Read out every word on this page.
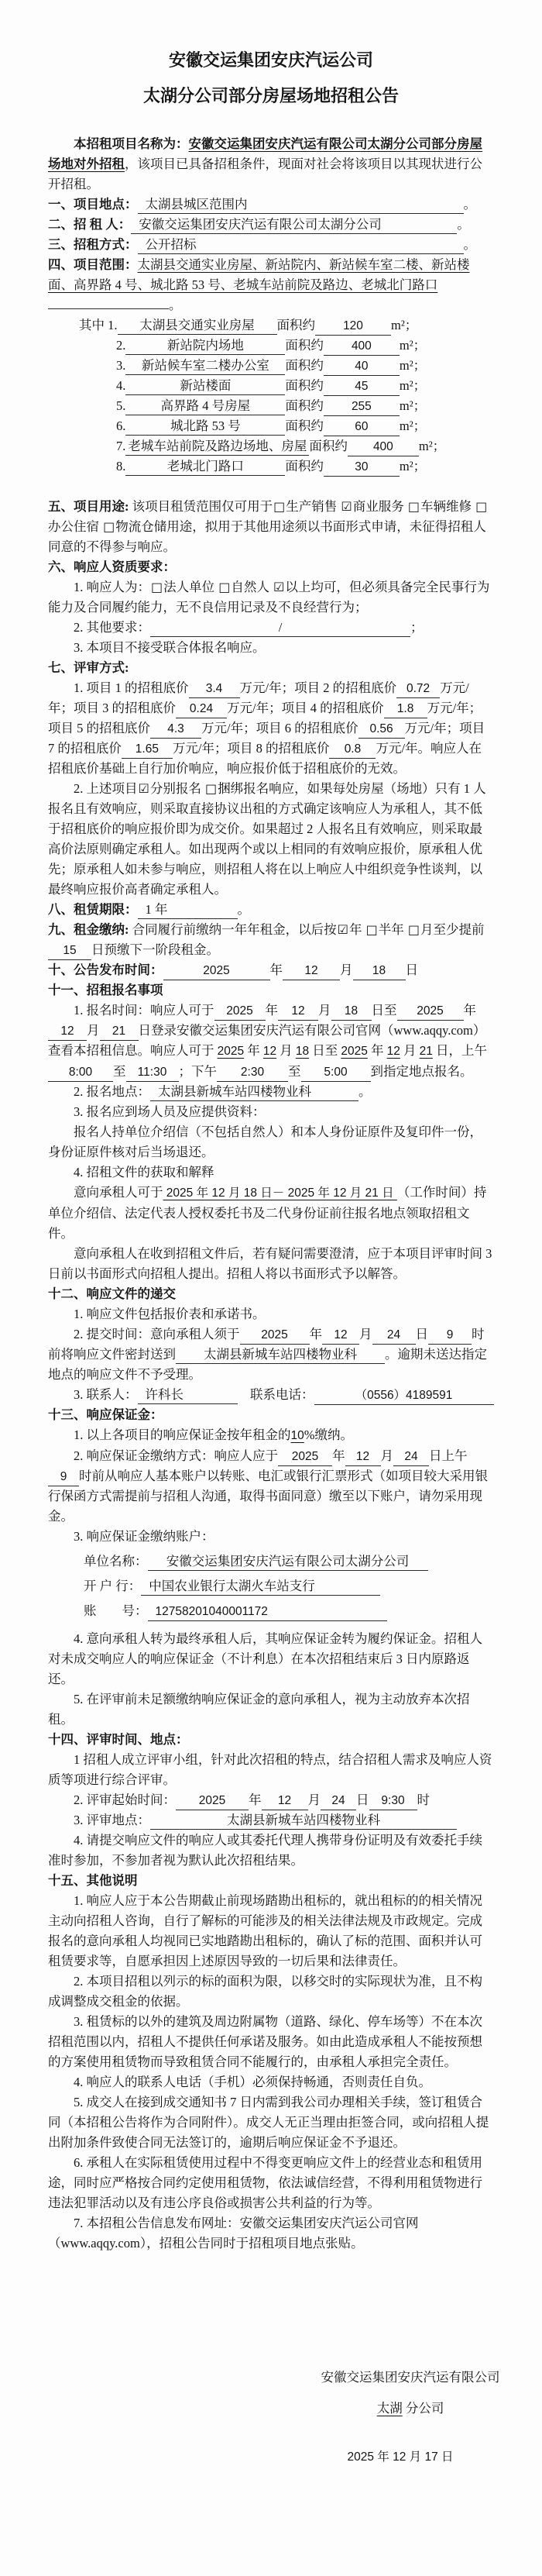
安徽交运集团安庆汽运公司
太湖分公司部分房屋场地招租公告
本招租项目名称为：安徽交运集团安庆汽运有限公司太湖分公司部分房屋场地对外招租，该项目已具备招租条件，现面对社会将该项目以其现状进行公开招租。
一、项目地点： 太湖县城区范围内	。
二、招 租 人： 安徽交运集团安庆汽运有限公司太湖分公司	。
三、招租方式： 公开招标	。
四、项目范围：太湖县交通实业房屋、新站院内、新站候车室二楼、新站楼面、高界路 4 号、城北路 53 号、老城车站前院及路边、老城北门路口。
其中 1. 太湖县交通实业房屋 面积约 120 m²；
2.	新站院内场地	面积约 400 m²；
3. 新站候车室二楼办公室 面积约	40 m²；
4.	新站楼面	面积约	45 m²；
5.	高界路 4 号房屋	面积约 255 m²；
6.	城北路 53 号	面积约	60 m²；
7. 老城车站前院及路边场地、房屋 面积约 400 m²；
8.	老城北门路口	面积约	30 m²；
五、项目用途: 该项目租赁范围仅可用于□生产销售 ☑商业服务 □车辆维修 □办公住宿 □物流仓储用途，拟用于其他用途须以书面形式申请，未征得招租人同意的不得参与响应。
六、响应人资质要求：
1. 响应人为：□法人单位 □自然人 ☑以上均可，但必须具备完全民事行为能力及合同履约能力，无不良信用记录及不良经营行为；
2. 其他要求：	/	；
3. 本项目不接受联合体报名响应。
七、评审方式:
1. 项目 1 的招租底价 3.4 万元/年；项目 2 的招租底价 0.72 万元/年；项目 3 的招租底价 0.24 万元/年；项目 4 的招租底价 1.8 万元/年；项目 5 的招租底价 4.3 万元/年；项目 6 的招租底价 0.56 万元/年；项目 7 的招租底价 1.65 万元/年；项目 8 的招租底价 0.8 万元/年。响应人在招租底价基础上自行加价响应，响应报价低于招租底价的无效。
2. 上述项目☑分别报名 □捆绑报名响应，如果每处房屋（场地）只有 1 人报名且有效响应，则采取直接协议出租的方式确定该响应人为承租人，其不低于招租底价的响应报价即为成交价。如果超过 2 人报名且有效响应，则采取最高价法原则确定承租人。如出现两个或以上相同的有效响应报价，原承租人优先；原承租人如未参与响应，则招租人将在以上响应人中组织竞争性谈判，以最终响应报价高者确定承租人。
八、租赁期限： 1 年	。
九、租金缴纳: 合同履行前缴纳一年年租金，以后按☑年 □半年 □月至少提前15 日预缴下一阶段租金。
十、公告发布时间：	2025	年 12 月 18 日
十一、招租报名事项
1. 报名时间：响应人可于 2025 年 12 月 18 日至 2025 年12 月 21 日登录安徽交运集团安庆汽运有限公司官网（www.aqqy.com）查看本招租信息。响应人可于 2025 年 12 月 18 日至 2025 年 12 月 21 日，上午8:00 至 11:30 ；下午 2:30 至 5:00 到指定地点报名。
2. 报名地点： 太湖县新城车站四楼物业科	。
3. 报名应到场人员及应提供资料：
报名人持单位介绍信（不包括自然人）和本人身份证原件及复印件一份，身份证原件核对后当场退还。
4. 招租文件的获取和解释
意向承租人可于 2025 年 12 月 18 日－ 2025 年 12 月 21 日 （工作时间）持单位介绍信、法定代表人授权委托书及二代身份证前往报名地点领取招租文件。
意向承租人在收到招租文件后，若有疑问需要澄清，应于本项目评审时间 3 日前以书面形式向招租人提出。招租人将以书面形式予以解答。
十二、响应文件的递交
1. 响应文件包括报价表和承诺书。
2. 提交时间：意向承租人须于 2025 年 12 月 24 日 9 时前将响应文件密封送到 太湖县新城车站四楼物业科 。逾期未送达指定地点的响应文件不予受理。
3. 联系人： 许科长	　联系电话：	（0556）4189591
十三、响应保证金：
1. 以上各项目的响应保证金按年租金的10%缴纳。
2. 响应保证金缴纳方式：响应人应于 2025 年 12 月 24 日上午9 时前从响应人基本账户以转账、电汇或银行汇票形式（如项目较大采用银行保函方式需提前与招租人沟通，取得书面同意）缴至以下账户，请勿采用现金。
3. 响应保证金缴纳账户：
单位名称： 安徽交运集团安庆汽运有限公司太湖分公司
开 户 行： 中国农业银行太湖火车站支行
账　　号： 12758201040001172
4. 意向承租人转为最终承租人后，其响应保证金转为履约保证金。招租人对未成交响应人的响应保证金（不计利息）在本次招租结束后 3 日内原路返还。
5. 在评审前未足额缴纳响应保证金的意向承租人，视为主动放弃本次招租。
十四、评审时间、地点：
1 招租人成立评审小组，针对此次招租的特点，结合招租人需求及响应人资质等项进行综合评审。
2. 评审起始时间： 2025 年 12 月 24 日 9:30 时
3. 评审地点：	太湖县新城车站四楼物业科
4. 请提交响应文件的响应人或其委托代理人携带身份证明及有效委托手续准时参加，不参加者视为默认此次招租结果。
十五、其他说明
1. 响应人应于本公告期截止前现场踏勘出租标的，就出租标的的相关情况主动向招租人咨询，自行了解标的可能涉及的相关法律法规及市政规定。完成报名的意向承租人均视同已实地踏勘出租标的，确认了标的范围、面积并认可租赁要求等，自愿承担因上述原因导致的一切后果和法律责任。
2. 本项目招租以列示的标的面积为限，以移交时的实际现状为准，且不构成调整成交租金的依据。
3. 租赁标的以外的建筑及周边附属物（道路、绿化、停车场等）不在本次招租范围以内，招租人不提供任何承诺及服务。如由此造成承租人不能按预想的方案使用租赁物而导致租赁合同不能履行的，由承租人承担完全责任。
4. 响应人的联系人电话（手机）必须保持畅通，否则责任自负。
5. 成交人在接到成交通知书 7 日内需到我公司办理相关手续，签订租赁合同（本招租公告将作为合同附件）。成交人无正当理由拒签合同，或向招租人提出附加条件致使合同无法签订的，逾期后响应保证金不予退还。
6. 承租人在实际租赁使用过程中不得变更响应文件上的经营业态和租赁用途，同时应严格按合同约定使用租赁物，依法诚信经营，不得利用租赁物进行违法犯罪活动以及有违公序良俗或损害公共利益的行为等。
7. 本招租公告信息发布网址：安徽交运集团安庆汽运公司官网（www.aqqy.com），招租公告同时于招租项目地点张贴。
安徽交运集团安庆汽运有限公司
太湖 分公司
2025 年 12 月 17 日
